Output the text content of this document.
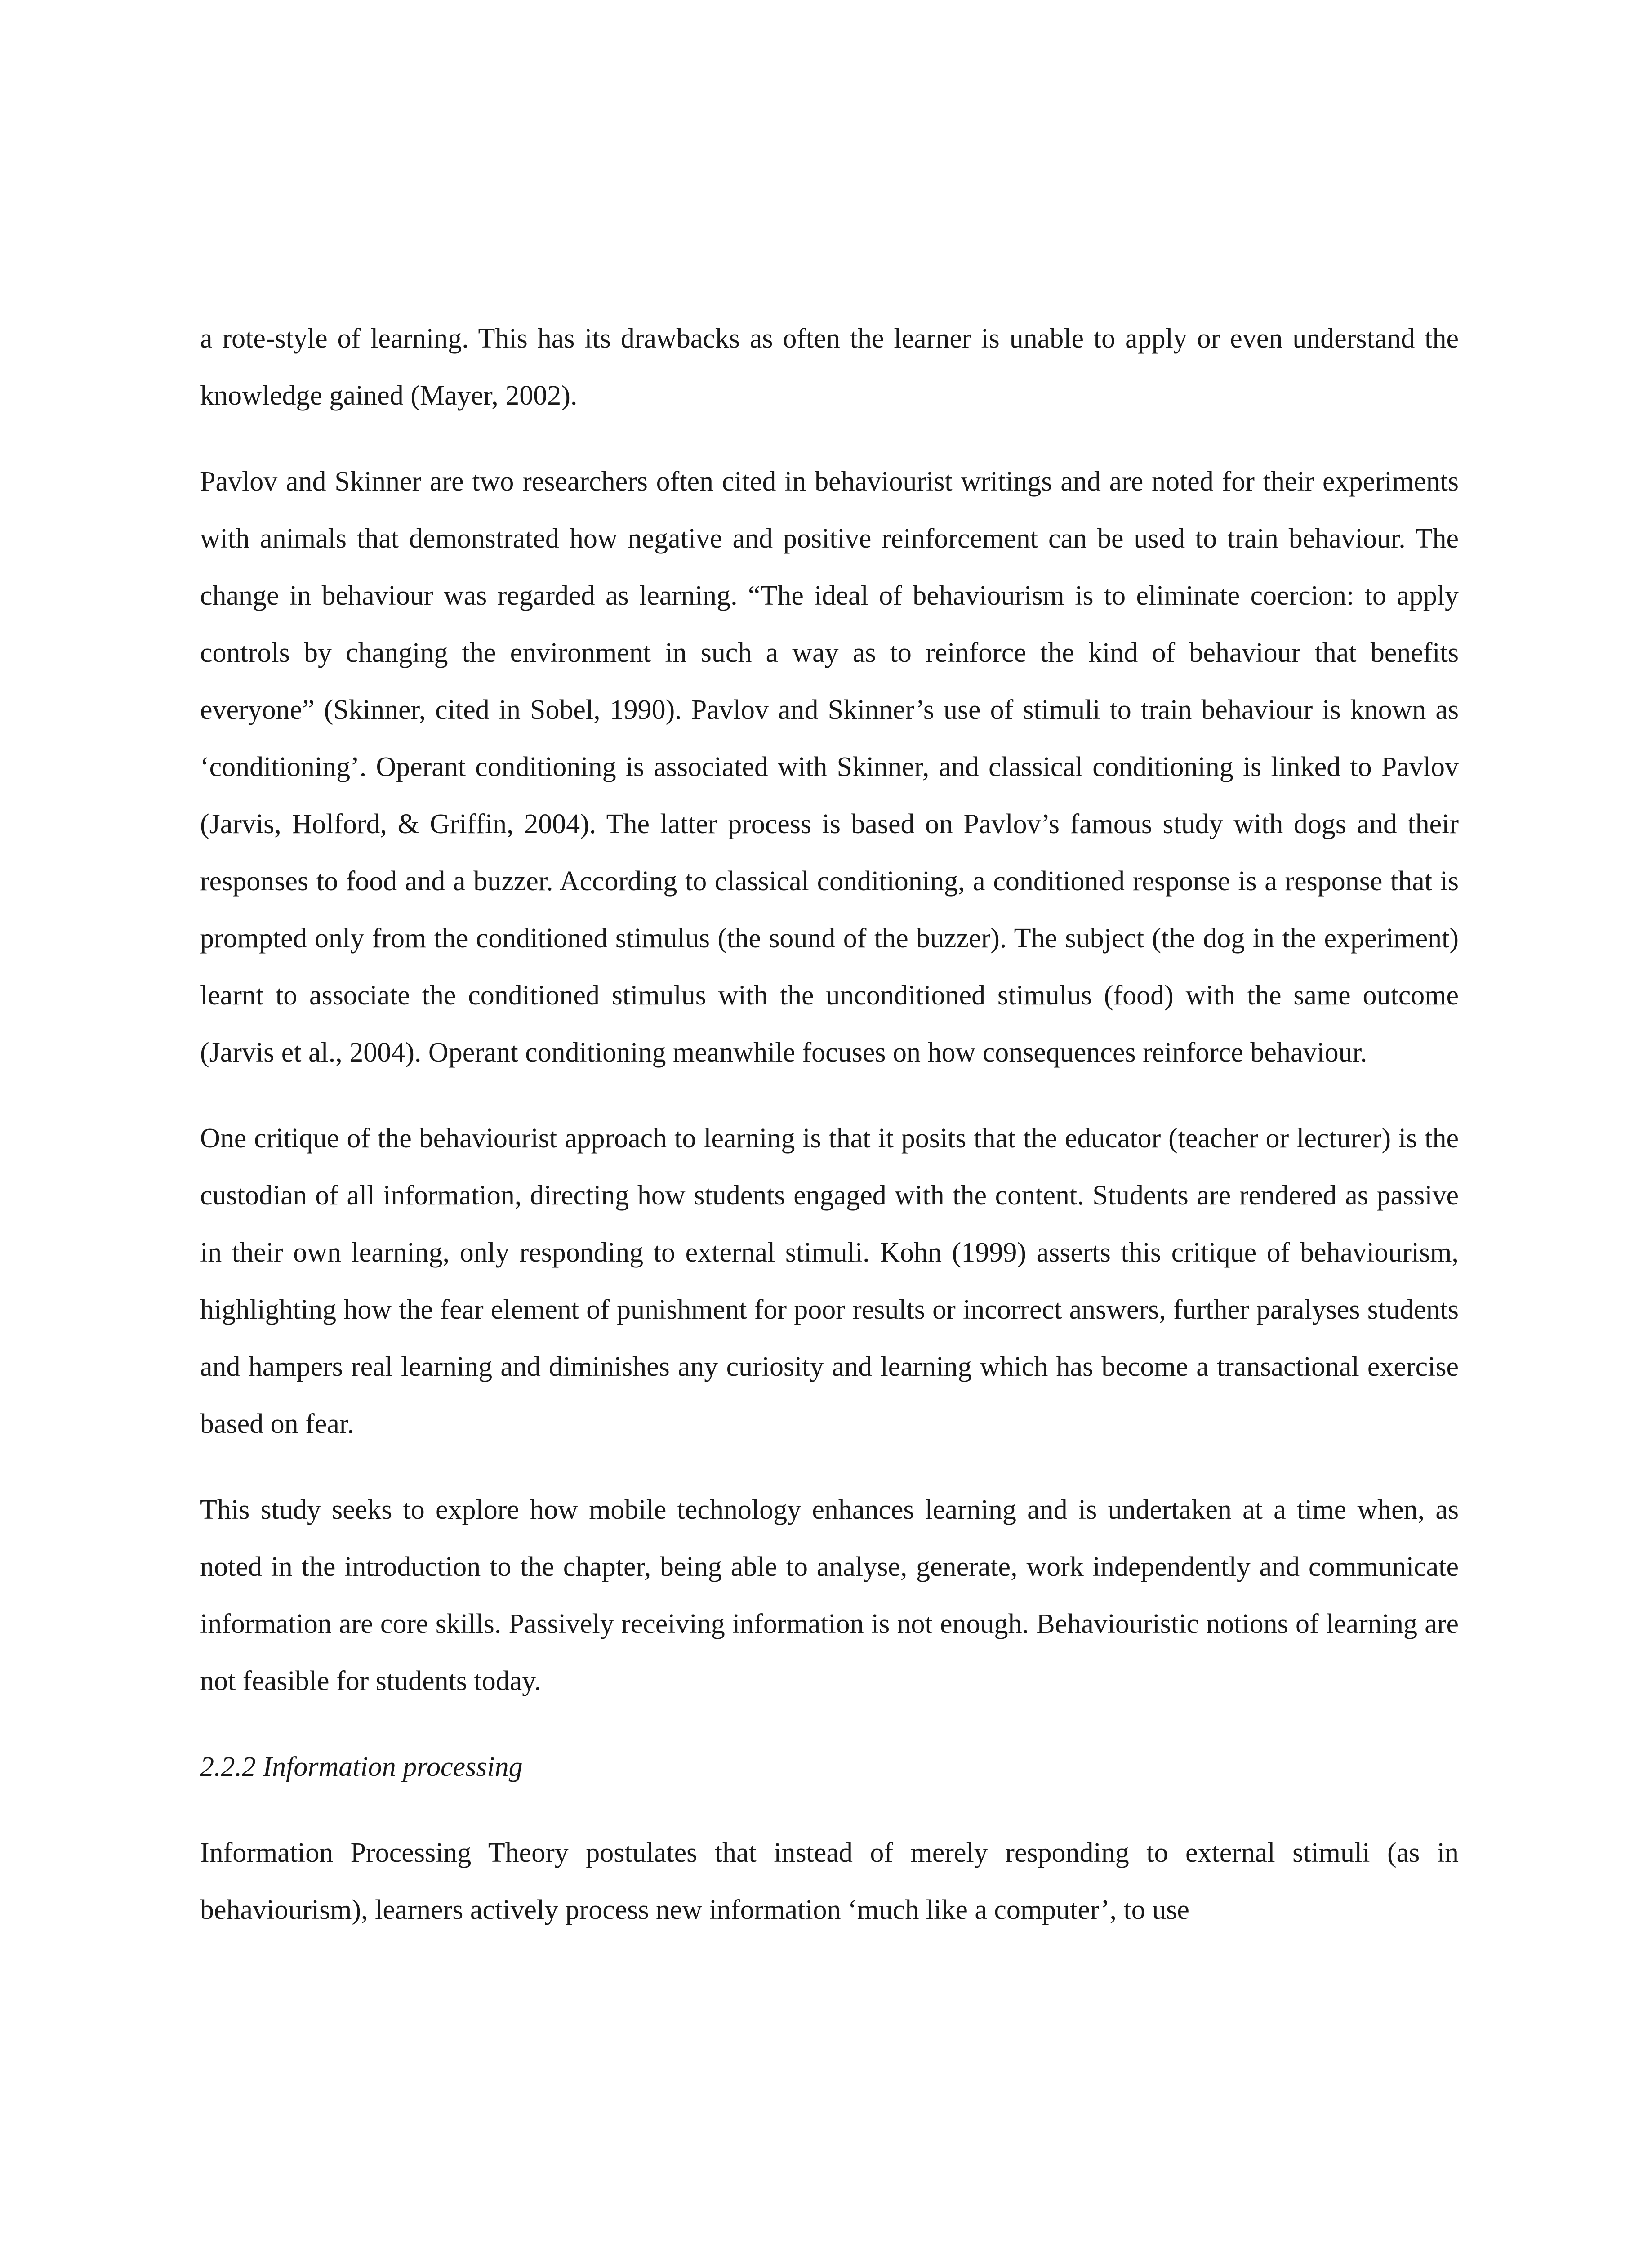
a rote-style of learning. This has its drawbacks as often the learner is unable to apply or even understand the knowledge gained (Mayer, 2002).

Pavlov and Skinner are two researchers often cited in behaviourist writings and are noted for their experiments with animals that demonstrated how negative and positive reinforcement can be used to train behaviour. The change in behaviour was regarded as learning. “The ideal of behaviourism is to eliminate coercion: to apply controls by changing the environment in such a way as to reinforce the kind of behaviour that benefits everyone” (Skinner, cited in Sobel, 1990). Pavlov and Skinner’s use of stimuli to train behaviour is known as ‘conditioning’. Operant conditioning is associated with Skinner, and classical conditioning is linked to Pavlov (Jarvis, Holford, & Griffin, 2004). The latter process is based on Pavlov’s famous study with dogs and their responses to food and a buzzer. According to classical conditioning, a conditioned response is a response that is prompted only from the conditioned stimulus (the sound of the buzzer). The subject (the dog in the experiment) learnt to associate the conditioned stimulus with the unconditioned stimulus (food) with the same outcome (Jarvis et al., 2004). Operant conditioning meanwhile focuses on how consequences reinforce behaviour.

One critique of the behaviourist approach to learning is that it posits that the educator (teacher or lecturer) is the custodian of all information, directing how students engaged with the content. Students are rendered as passive in their own learning, only responding to external stimuli. Kohn (1999) asserts this critique of behaviourism, highlighting how the fear element of punishment for poor results or incorrect answers, further paralyses students and hampers real learning and diminishes any curiosity and learning which has become a transactional exercise based on fear.

This study seeks to explore how mobile technology enhances learning and is undertaken at a time when, as noted in the introduction to the chapter, being able to analyse, generate, work independently and communicate information are core skills. Passively receiving information is not enough. Behaviouristic notions of learning are not feasible for students today.

2.2.2 Information processing

Information Processing Theory postulates that instead of merely responding to external stimuli (as in behaviourism), learners actively process new information ‘much like a computer’, to use
